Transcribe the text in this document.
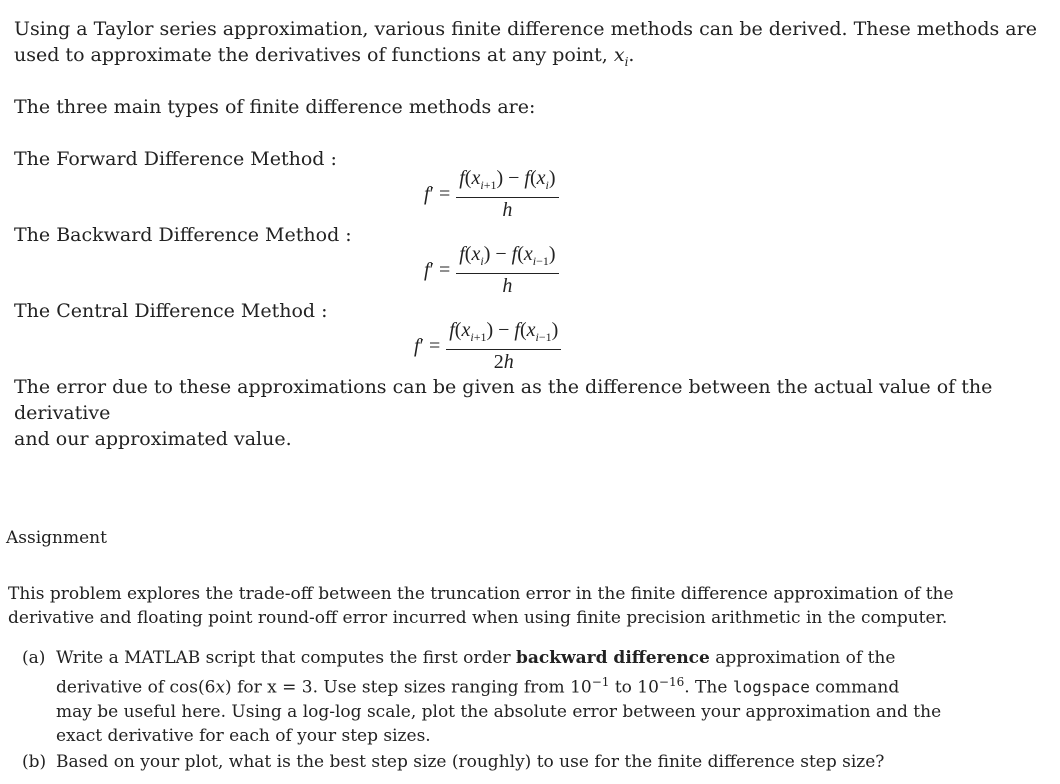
Using a Taylor series approximation, various finite difference methods can be derived. These methods are
used to approximate the derivatives of functions at any point, $x_i$.
The three main types of finite difference methods are:
The Forward Difference Method :
$f' = \frac{f(x_{i+1}) - f(x_i)}{h}$
The Backward Difference Method :
$f' = \frac{f(x_i) - f(x_{i-1})}{h}$
The Central Difference Method :
$f' = \frac{f(x_{i+1}) - f(x_{i-1})}{2h}$
The error due to these approximations can be given as the difference between the actual value of the derivative
and our approximated value.
Assignment
This problem explores the trade-off between the truncation error in the finite difference approximation of the
derivative and floating point round-off error incurred when using finite precision arithmetic in the computer.
(a) Write a MATLAB script that computes the first order backward difference approximation of the
derivative of cos(6x) for x = 3. Use step sizes ranging from $10^{-1}$ to $10^{-16}$. The logspace command
may be useful here. Using a log-log scale, plot the absolute error between your approximation and the
exact derivative for each of your step sizes.
(b) Based on your plot, what is the best step size (roughly) to use for the finite difference step size?
